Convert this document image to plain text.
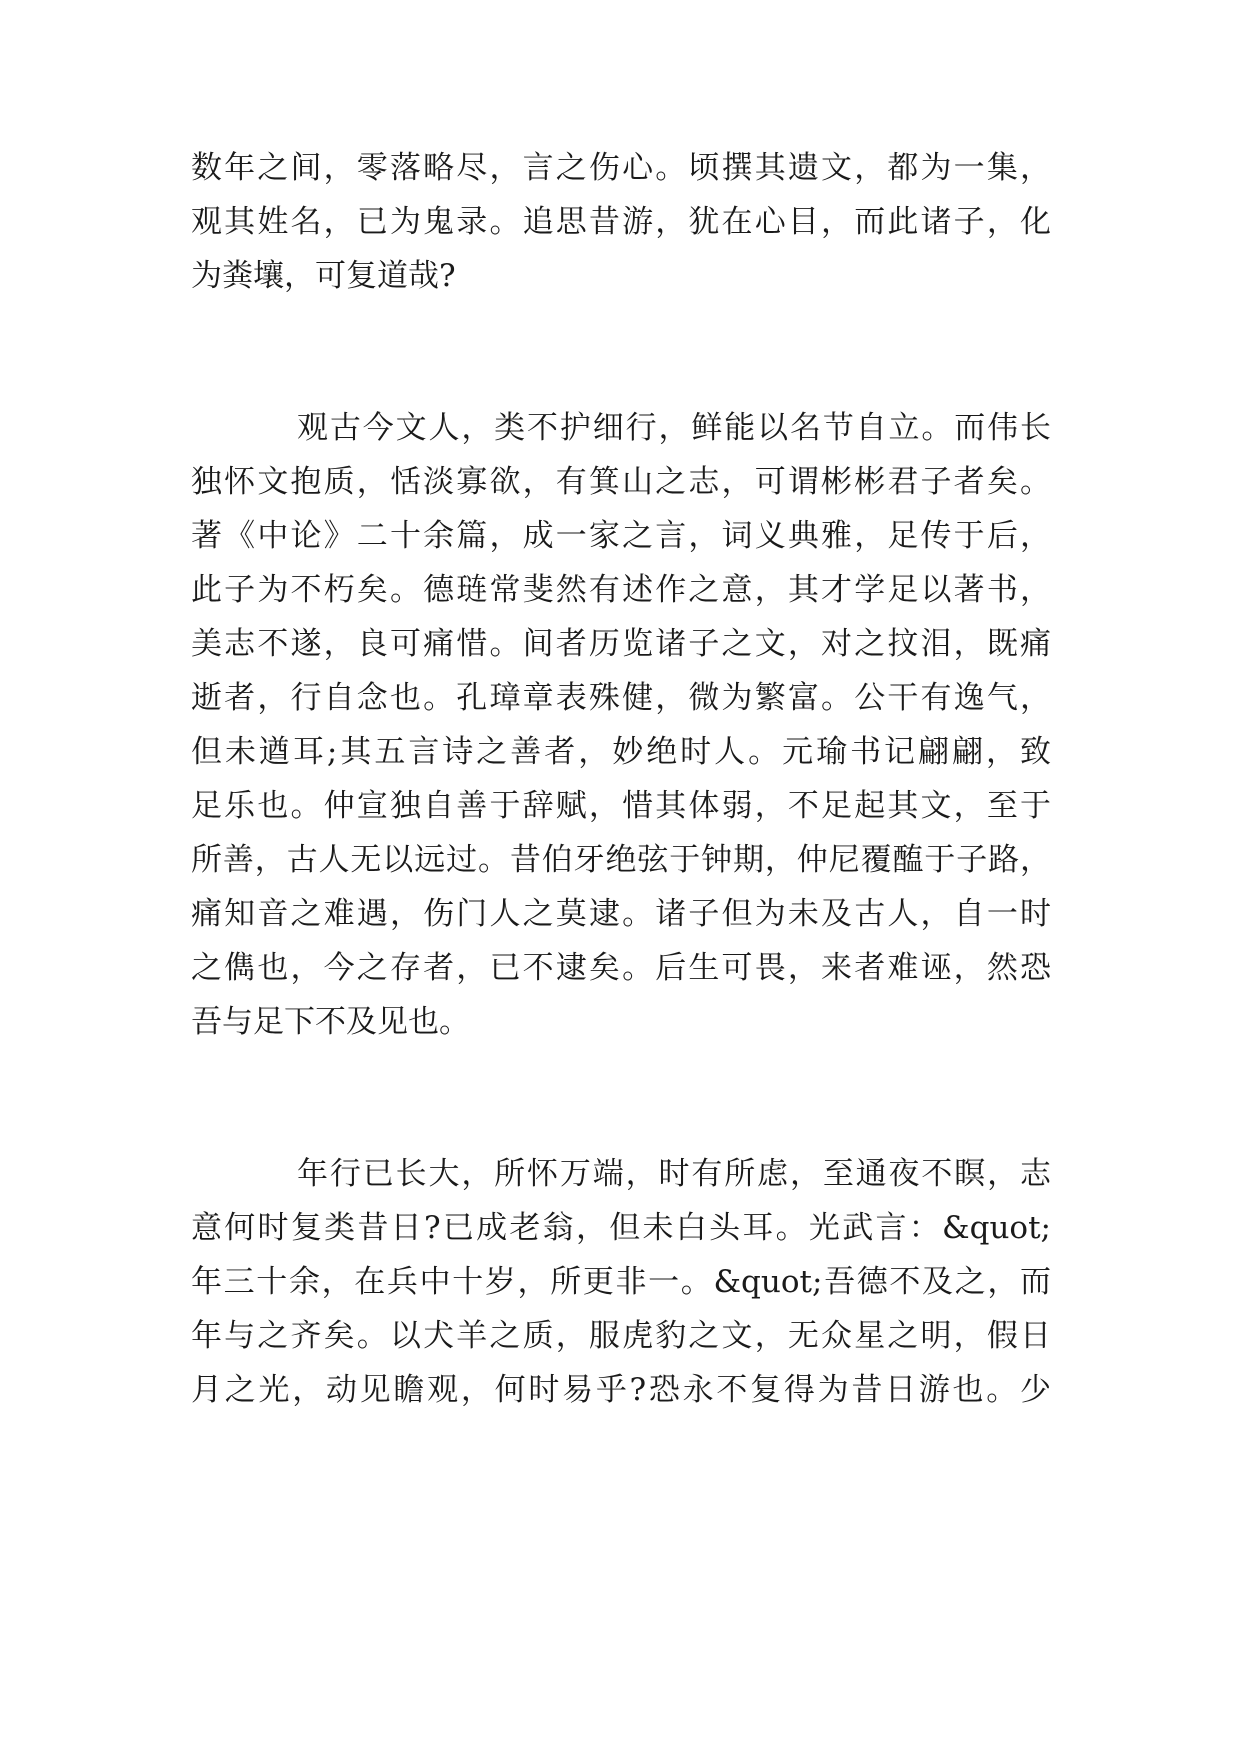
数年之间，零落略尽，言之伤心。顷撰其遗文，都为一集，
观其姓名，已为鬼录。追思昔游，犹在心目，而此诸子，化
为粪壤，可复道哉?
观古今文人，类不护细行，鲜能以名节自立。而伟长
独怀文抱质，恬淡寡欲，有箕山之志，可谓彬彬君子者矣。
著《中论》二十余篇，成一家之言，词义典雅，足传于后，
此子为不朽矣。德琏常斐然有述作之意，其才学足以著书，
美志不遂，良可痛惜。间者历览诸子之文，对之抆泪，既痛
逝者，行自念也。孔璋章表殊健，微为繁富。公干有逸气，
但未遒耳;其五言诗之善者，妙绝时人。元瑜书记翩翩，致
足乐也。仲宣独自善于辞赋，惜其体弱，不足起其文，至于
所善，古人无以远过。昔伯牙绝弦于钟期，仲尼覆醢于子路，
痛知音之难遇，伤门人之莫逮。诸子但为未及古人，自一时
之儁也，今之存者，已不逮矣。后生可畏，来者难诬，然恐
吾与足下不及见也。
年行已长大，所怀万端，时有所虑，至通夜不瞑，志
意何时复类昔日?已成老翁，但未白头耳。光武言：&quot;
年三十余，在兵中十岁，所更非一。&quot;吾德不及之，而
年与之齐矣。以犬羊之质，服虎豹之文，无众星之明，假日
月之光，动见瞻观，何时易乎?恐永不复得为昔日游也。少
